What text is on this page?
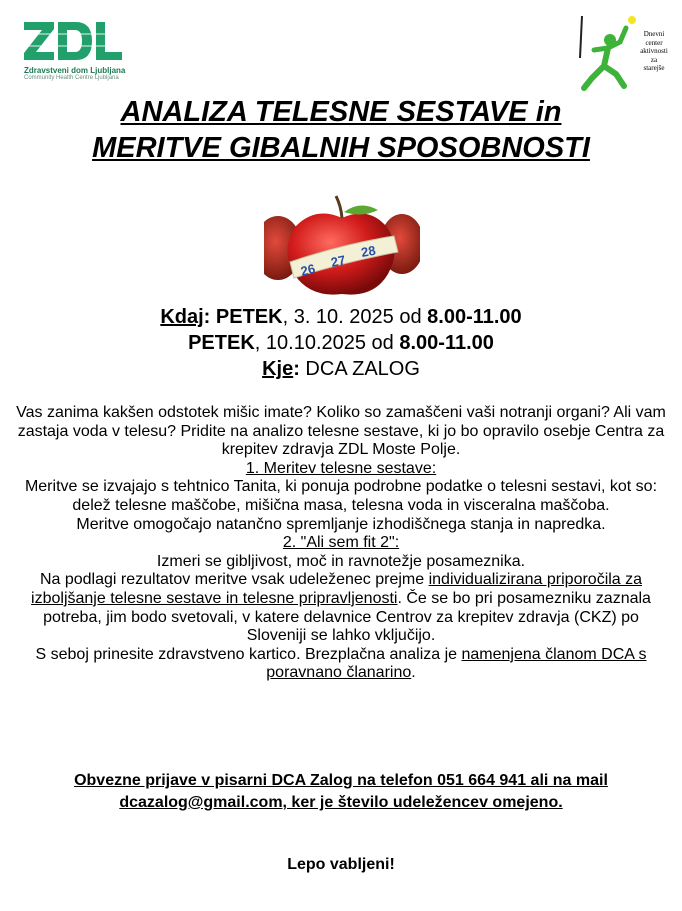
Zdravstveni dom Ljubljana
Community Health Centre Ljubljana
Dnevni
center
aktivnosti
za
starejše
ANALIZA TELESNE SESTAVE in
MERITVE GIBALNIH SPOSOBNOSTI
26 27
28
Kdaj: PETEK, 3. 10. 2025 od 8.00-11.00
PETEK, 10.10.2025 od 8.00-11.00
Kje: DCA ZALOG

Vas zanima kakšen odstotek mišic imate? Koliko so zamaščeni vaši notranji organi? Ali vam zastaja voda v telesu? Pridite na analizo telesne sestave, ki jo bo opravilo osebje Centra za krepitev zdravja ZDL Moste Polje.

1. Meritev telesne sestave:

Meritve se izvajajo s tehtnico Tanita, ki ponuja podrobne podatke o telesni sestavi, kot so: delež telesne maščobe, mišična masa, telesna voda in visceralna maščoba.

Meritve omogočajo natančno spremljanje izhodiščnega stanja in napredka.

2. "Ali sem fit 2":

Izmeri se gibljivost, moč in ravnotežje posameznika.

Na podlagi rezultatov meritve vsak udeleženec prejme individualizirana priporočila za izboljšanje telesne sestave in telesne pripravljenosti. Če se bo pri posamezniku zaznala potreba, jim bodo svetovali, v katere delavnice Centrov za krepitev zdravja (CKZ) po Sloveniji se lahko vključijo.

S seboj prinesite zdravstveno kartico. Brezplačna analiza je namenjena članom DCA s poravnano članarino.

Obvezne prijave v pisarni DCA Zalog na telefon 051 664 941 ali na mail
dcazalog@gmail.com, ker je število udeležencev omejeno.
Lepo vabljeni!
